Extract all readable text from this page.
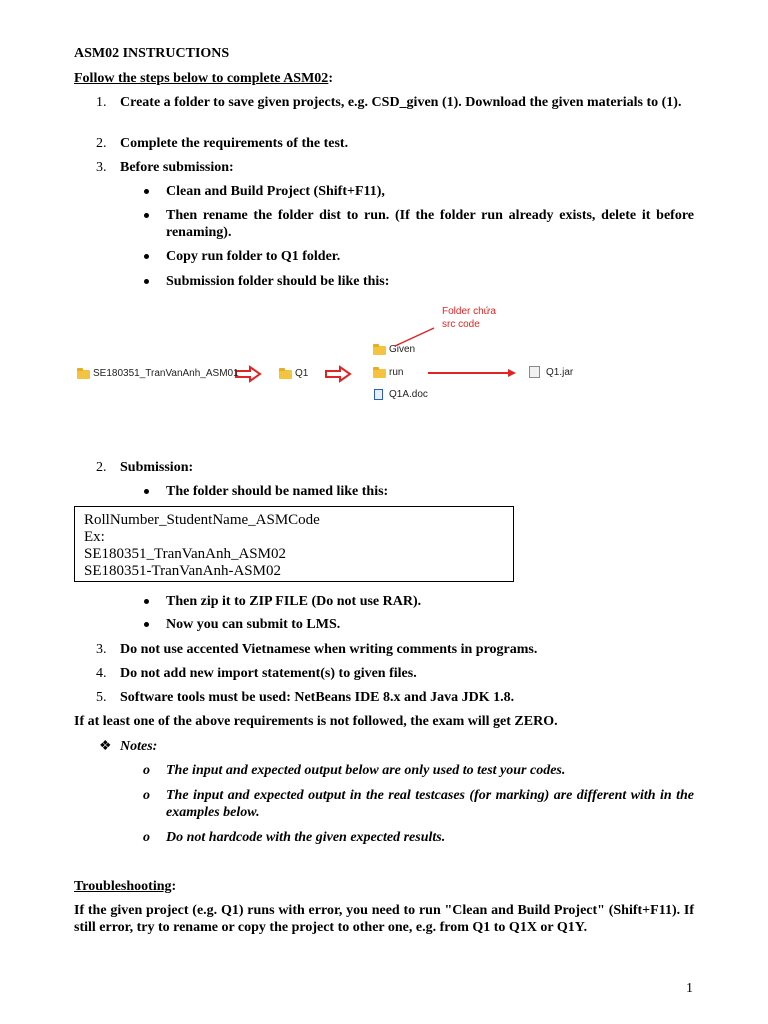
ASM02 INSTRUCTIONS
Follow the steps below to complete ASM02:
1. Create a folder to save given projects, e.g. CSD_given (1). Download the given materials to (1).
2. Complete the requirements of the test.
3. Before submission:
Clean and Build Project (Shift+F11),
Then rename the folder dist to run. (If the folder run already exists, delete it before renaming).
Copy run folder to Q1 folder.
Submission folder should be like this:
Folder chứa
src code
SE180351_TranVanAnh_ASM01	Q1
Given
run
Q1A.doc
Q1.jar
2. Submission:
The folder should be named like this:
RollNumber_StudentName_ASMCode
Ex:
SE180351_TranVanAnh_ASM02
SE180351-TranVanAnh-ASM02
Then zip it to ZIP FILE (Do not use RAR).
Now you can submit to LMS.
3. Do not use accented Vietnamese when writing comments in programs.
4. Do not add new import statement(s) to given files.
5. Software tools must be used: NetBeans IDE 8.x and Java JDK 1.8.
If at least one of the above requirements is not followed, the exam will get ZERO.
❖ Notes:
o The input and expected output below are only used to test your codes.
o The input and expected output in the real testcases (for marking) are different with in the examples below.
o Do not hardcode with the given expected results.
Troubleshooting:
If the given project (e.g. Q1) runs with error, you need to run "Clean and Build Project" (Shift+F11). If still error, try to rename or copy the project to other one, e.g. from Q1 to Q1X or Q1Y.
1
